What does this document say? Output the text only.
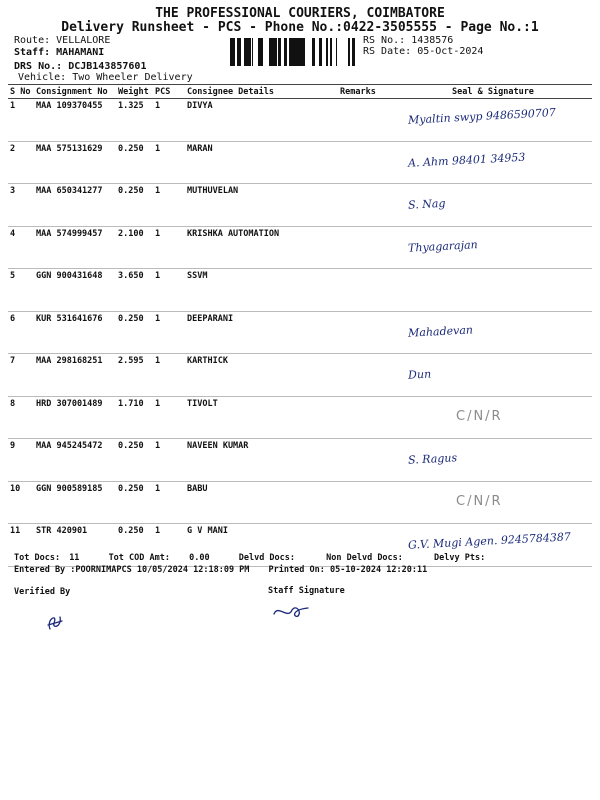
THE PROFESSIONAL COURIERS, COIMBATORE
Delivery Runsheet - PCS - Phone No.:0422-3505555 - Page No.:1
Route: VELLALORE
Staff: MAHAMANI
DRS No.: DCJB143857601
Vehicle: Two Wheeler Delivery
RS No.: 1438576
RS Date: 05-Oct-2024
S No	Consignment No	Weight	PCS	Consignee Details	Remarks	Seal & Signature
1	MAA 109370455	1.325	1	DIVYA		Myaltin swyp 9486590707

2	MAA 575131629	0.250	1	MARAN		A. Ahm 98401 34953

3	MAA 650341277	0.250	1	MUTHUVELAN		S. Nag

4	MAA 574999457	2.100	1	KRISHKA AUTOMATION		Thyagarajan

5	GGN 900431648	3.650	1	SSVM		
6	KUR 531641676	0.250	1	DEEPARANI		Mahadevan

7	MAA 298168251	2.595	1	KARTHICK		Dun

8	HRD 307001489	1.710	1	TIVOLT		C/N/R

9	MAA 945245472	0.250	1	NAVEEN KUMAR		S. Ragus

10	GGN 900589185	0.250	1	BABU		C/N/R

11	STR 420901	0.250	1	G V MANI		G.V. Mugi Agen. 9245784387
Tot Docs: 11	Tot COD Amt: 0.00	Delvd Docs:	Non Delvd Docs:	Delvy Pts:
Entered By :POORNIMAPCS 10/05/2024 12:18:09 PM Printed On: 05-10-2024 12:20:11
Verified By	Staff Signature
